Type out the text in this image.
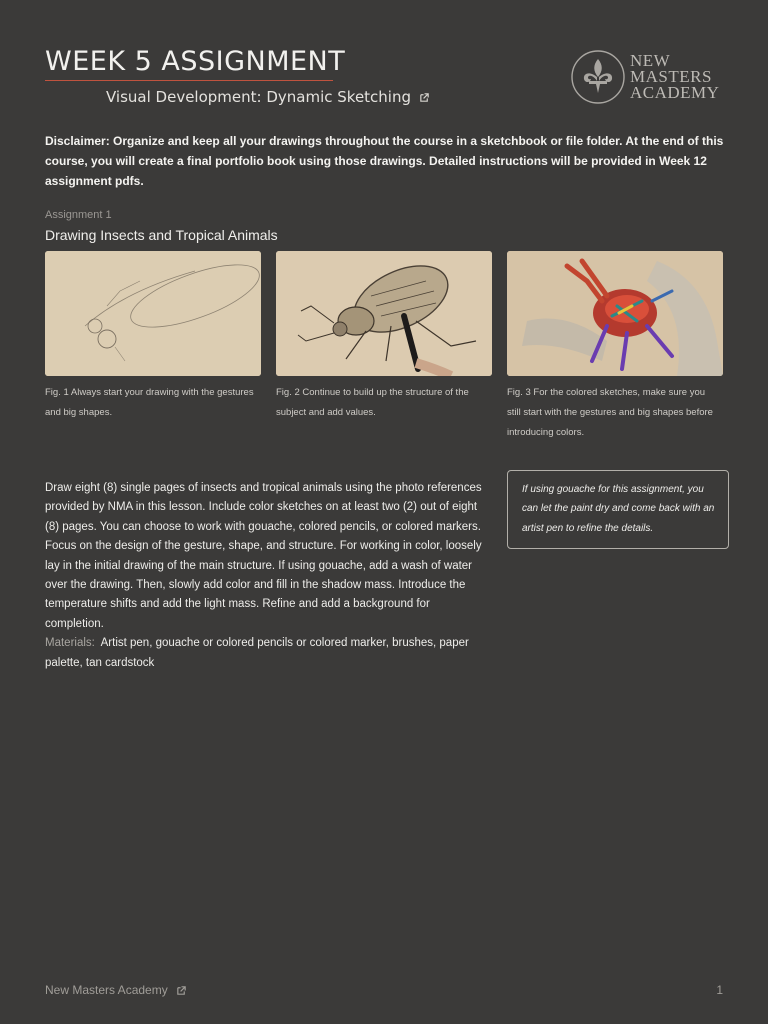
WEEK 5 ASSIGNMENT
Visual Development: Dynamic Sketching
NEW
MASTERS
ACADEMY
Disclaimer: Organize and keep all your drawings throughout the course in a sketchbook or file folder. At the end of this course, you will create a final portfolio book using those drawings. Detailed instructions will be provided in Week 12 assignment pdfs.
Assignment 1
Drawing Insects and Tropical Animals
Fig. 1 Always start your drawing with the gestures and big shapes.
Fig. 2 Continue to build up the structure of the subject and add values.
Fig. 3 For the colored sketches, make sure you still start with the gestures and big shapes before introducing colors.
Draw eight (8) single pages of insects and tropical animals using the photo references provided by NMA in this lesson. Include color sketches on at least two (2) out of eight (8) pages. You can choose to work with gouache, colored pencils, or colored markers. Focus on the design of the gesture, shape, and structure. For working in color, loosely lay in the initial drawing of the main structure. If using gouache, add a wash of water over the drawing. Then, slowly add color and fill in the shadow mass. Introduce the temperature shifts and add the light mass. Refine and add a background for completion.
Materials: Artist pen, gouache or colored pencils or colored marker, brushes, paper palette, tan cardstock
If using gouache for this assignment, you can let the paint dry and come back with an artist pen to refine the details.
New Masters Academy	1
